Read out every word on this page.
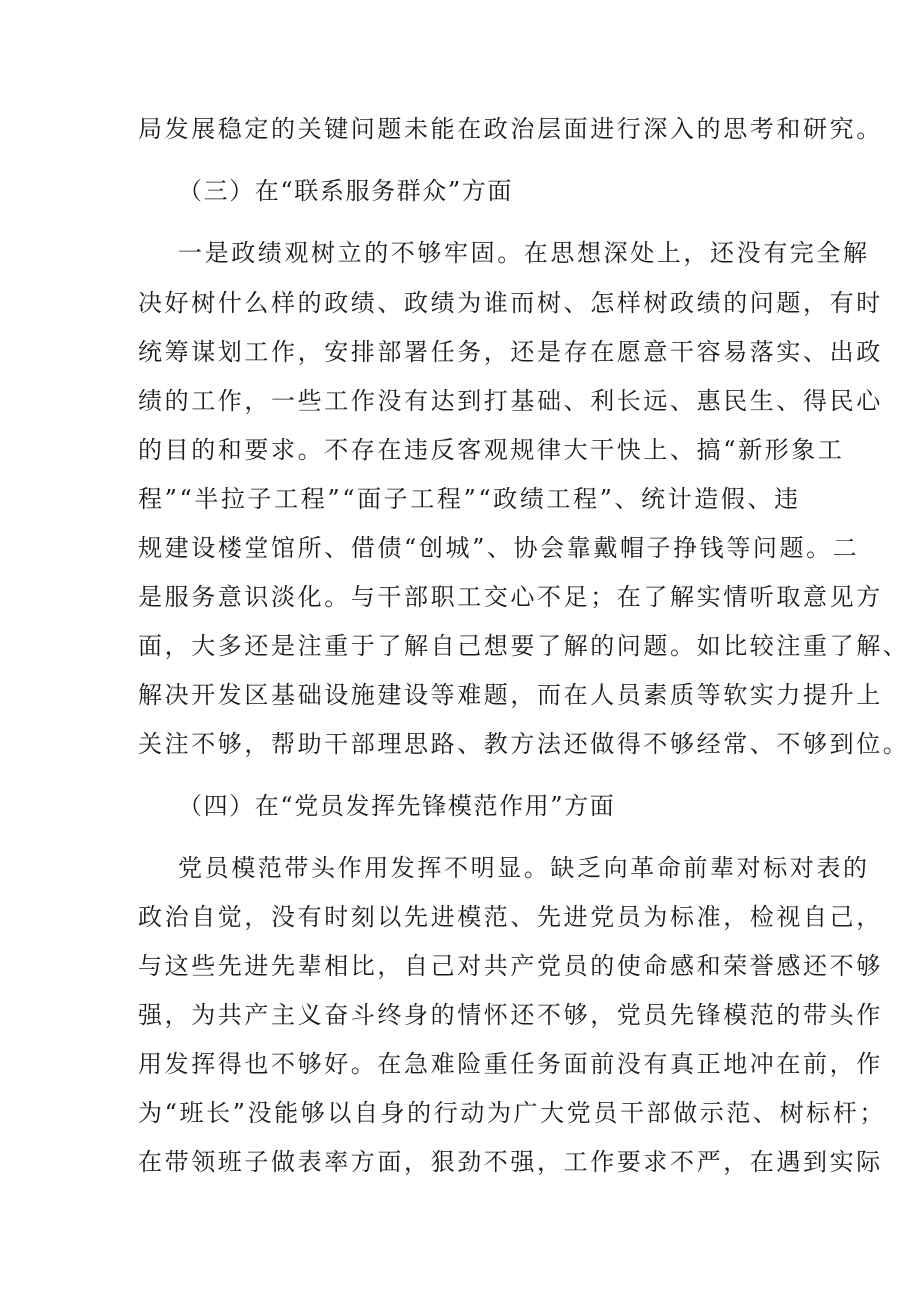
局发展稳定的关键问题未能在政治层面进行深入的思考和研究。
（三）在“联系服务群众”方面
一是政绩观树立的不够牢固。在思想深处上，还没有完全解
决好树什么样的政绩、政绩为谁而树、怎样树政绩的问题，有时
统筹谋划工作，安排部署任务，还是存在愿意干容易落实、出政
绩的工作，一些工作没有达到打基础、利长远、惠民生、得民心
的目的和要求。不存在违反客观规律大干快上、搞“新形象工
程”“半拉子工程”“面子工程”“政绩工程”、统计造假、违
规建设楼堂馆所、借债“创城”、协会靠戴帽子挣钱等问题。二
是服务意识淡化。与干部职工交心不足；在了解实情听取意见方
面，大多还是注重于了解自己想要了解的问题。如比较注重了解、
解决开发区基础设施建设等难题，而在人员素质等软实力提升上
关注不够，帮助干部理思路、教方法还做得不够经常、不够到位。
（四）在“党员发挥先锋模范作用”方面
党员模范带头作用发挥不明显。缺乏向革命前辈对标对表的
政治自觉，没有时刻以先进模范、先进党员为标准，检视自己，
与这些先进先辈相比，自己对共产党员的使命感和荣誉感还不够
强，为共产主义奋斗终身的情怀还不够，党员先锋模范的带头作
用发挥得也不够好。在急难险重任务面前没有真正地冲在前，作
为“班长”没能够以自身的行动为广大党员干部做示范、树标杆；
在带领班子做表率方面，狠劲不强，工作要求不严，在遇到实际
